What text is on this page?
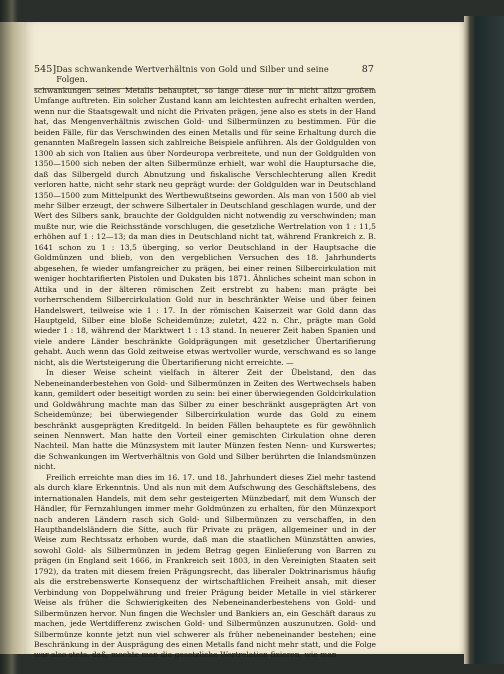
545] Das schwankende Wertverhältnis von Gold und Silber und seine Folgen.
87

schwankungen seines Metalls behauptet, so lange diese nur in nicht allzu großem Umfange auftreten. Ein solcher Zustand kann am leichtesten aufrecht erhalten werden, wenn nur die Staatsgewalt und nicht die Privaten prägen, jene also es stets in der Hand hat, das Mengenverhältnis zwischen Gold- und Silbermünzen zu bestimmen. Für die beiden Fälle, für das Verschwinden des einen Metalls und für seine Erhaltung durch die genannten Maßregeln lassen sich zahlreiche Beispiele anführen. Als der Goldgulden von 1300 ab sich von Italien aus über Nordeuropa verbreitete, und nun der Goldgulden von 1350—1500 sich neben der alten Silbermünze erhielt, war wohl die Hauptursache die, daß das Silbergeld durch Abnutzung und fiskalische Verschlechterung allen Kredit verloren hatte, nicht sehr stark neu geprägt wurde: der Goldgulden war in Deutschland 1350—1500 zum Mittelpunkt des Wertbewußtseins geworden. Als man von 1500 ab viel mehr Silber erzeugt, der schwere Silbertaler in Deutschland geschlagen wurde, und der Wert des Silbers sank, brauchte der Goldgulden nicht notwendig zu verschwinden; man mußte nur, wie die Reichsstände vorschlugen, die gesetzliche Wertrelation von 1 : 11,5 erhöhen auf 1 : 12—13; da man dies in Deutschland nicht tat, während Frankreich z. B. 1641 schon zu 1 : 13,5 überging, so verlor Deutschland in der Hauptsache die Goldmünzen und blieb, von den vergeblichen Versuchen des 18. Jahrhunderts abgesehen, fe wieder umfangreicher zu prägen, bei einer reinen Silbercirkulation mit weniger hochtarifierten Pistolen und Dukaten bis 1871. Ähnliches scheint man schon in Attika und in der älteren römischen Zeit erstrebt zu haben: man prägte bei vorherrschendem Silbercirkulation Gold nur in beschränkter Weise und über feinen Handelswert, teilweise wie 1 : 17. In der römischen Kaiserzeit war Gold dann das Hauptgeld, Silber eine bloße Scheidemünze; zuletzt, 422 n. Chr., prägte man Gold wieder 1 : 18, während der Marktwert 1 : 13 stand. In neuerer Zeit haben Spanien und viele andere Länder beschränkte Goldprägungen mit gesetzlicher Übertarifierung gehabt. Auch wenn das Gold zeitweise etwas wertvoller wurde, verschwand es so lange nicht, als die Wertsteigerung die Übertarifierung nicht erreichte. —

In dieser Weise scheint vielfach in älterer Zeit der Übelstand, den das Nebeneinanderbestehen von Gold- und Silbermünzen in Zeiten des Wertwechsels haben kann, gemildert oder beseitigt worden zu sein: bei einer überwiegenden Goldcirkulation und Goldwährung machte man das Silber zu einer beschränkt ausgeprägten Art von Scheidemünze; bei überwiegender Silbercirkulation wurde das Gold zu einem beschränkt ausgeprägten Kreditgeld. In beiden Fällen behauptete es für gewöhnlich seinen Nennwert. Man hatte den Vorteil einer gemischten Cirkulation ohne deren Nachteil. Man hatte die Münzsystem mit lauter Münzen festen Nenn- und Kurswertes; die Schwankungen im Wertverhältnis von Gold und Silber berührten die Inlandsmünzen nicht.

Freilich erreichte man dies im 16. 17. und 18. Jahrhundert dieses Ziel mehr tastend als durch klare Erkenntnis. Und als nun mit dem Aufschwung des Geschäftslebens, des internationalen Handels, mit dem sehr gesteigerten Münzbedarf, mit dem Wunsch der Händler, für Fernzahlungen immer mehr Goldmünzen zu erhalten, für den Münzexport nach anderen Ländern rasch sich Gold- und Silbermünzen zu verschaffen, in den Haupthandelsländern die Sitte, auch für Private zu prägen, allgemeiner und in der Weise zum Rechtssatz erhoben wurde, daß man die staatlichen Münzstätten anwies, sowohl Gold- als Silbermünzen in jedem Betrag gegen Einlieferung von Barren zu prägen (in England seit 1666, in Frankreich seit 1803, in den Vereinigten Staaten seit 1792), da traten mit diesem freien Prägungsrecht, das liberaler Doktrinarismus häufig als die erstrebenswerte Konsequenz der wirtschaftlichen Freiheit ansah, mit dieser Verbindung von Doppelwährung und freier Prägung beider Metalle in viel stärkerer Weise als früher die Schwierigkeiten des Nebeneinanderbestehens von Gold- und Silbermünzen hervor. Nun fingen die Wechsler und Bankiers an, ein Geschäft daraus zu machen, jede Wertdifferenz zwischen Gold- und Silbermünzen auszunutzen. Gold- und Silbermünze konnte jetzt nun viel schwerer als früher nebeneinander bestehen; eine Beschränkung in der Ausprägung des einen Metalls fand nicht mehr statt, und die Folge war also stets, daß, mochte man die gesetzliche Wertrelation fixieren, wie man
